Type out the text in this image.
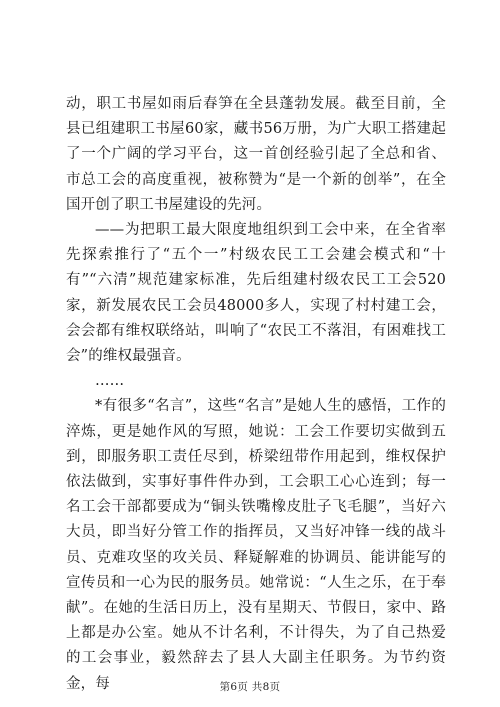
动，职工书屋如雨后春笋在全县蓬勃发展。截至目前，全县已组建职工书屋60家，藏书56万册，为广大职工搭建起了一个广阔的学习平台，这一首创经验引起了全总和省、市总工会的高度重视，被称赞为“是一个新的创举”，在全国开创了职工书屋建设的先河。

——为把职工最大限度地组织到工会中来，在全省率先探索推行了“五个一”村级农民工工会建会模式和“十有”“六清”规范建家标准，先后组建村级农民工工会520家，新发展农民工会员48000多人，实现了村村建工会，会会都有维权联络站，叫响了“农民工不落泪，有困难找工会”的维权最强音。

……

*有很多“名言”，这些“名言”是她人生的感悟，工作的淬炼，更是她作风的写照，她说：工会工作要切实做到五到，即服务职工责任尽到，桥梁纽带作用起到，维权保护依法做到，实事好事件件办到，工会职工心心连到；每一名工会干部都要成为“铜头铁嘴橡皮肚子飞毛腿”，当好六大员，即当好分管工作的指挥员，又当好冲锋一线的战斗员、克难攻坚的攻关员、释疑解难的协调员、能讲能写的宣传员和一心为民的服务员。她常说：“人生之乐，在于奉献”。在她的生活日历上，没有星期天、节假日，家中、路上都是办公室。她从不计名利，不计得失，为了自己热爱的工会事业，毅然辞去了县人大副主任职务。为节约资金，每	第6页 共8页
